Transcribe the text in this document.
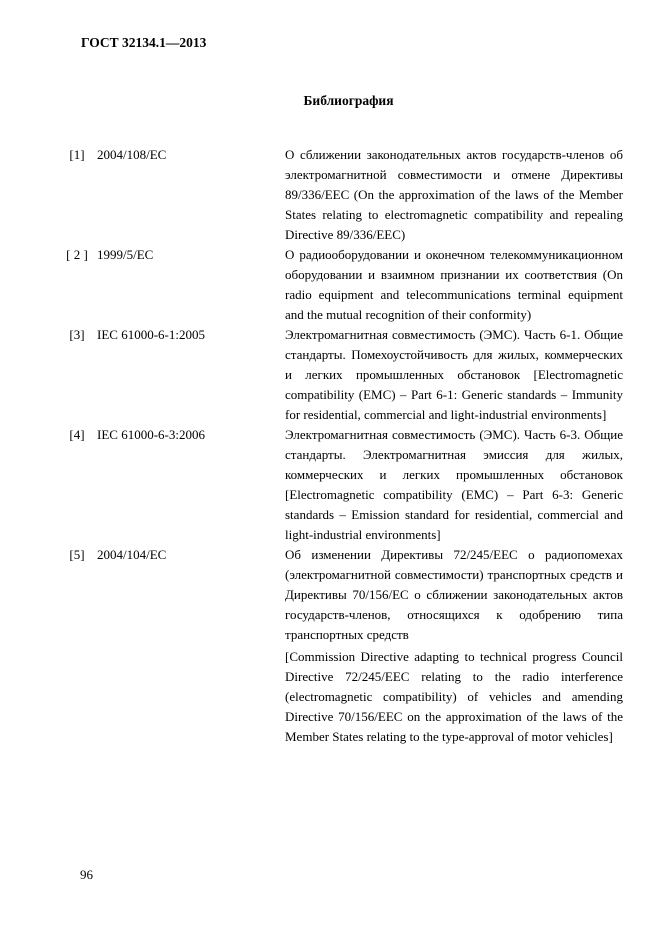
ГОСТ 32134.1—2013
Библиография
[1] 2004/108/EC	О сближении законодательных актов государств-членов об электромагнитной совместимости и отмене Директивы 89/336/EEC (On the approximation of the laws of the Member States relating to electromagnetic compatibility and repealing Directive 89/336/EEC)

[ 2 ] 1999/5/EC	О радиооборудовании и оконечном телекоммуникационном оборудовании и взаимном признании их соответствия (On radio equipment and telecommunications terminal equipment and the mutual recognition of their conformity)

[3] IEC 61000-6-1:2005	Электромагнитная совместимость (ЭМС). Часть 6-1. Общие стандарты. Помехоустойчивость для жилых, коммерческих и легких промышленных обстановок [Electromagnetic compatibility (EMC) – Part 6-1: Generic standards – Immunity for residential, commercial and light-industrial environments]

[4] IEC 61000-6-3:2006	Электромагнитная совместимость (ЭМС). Часть 6-3. Общие стандарты. Электромагнитная эмиссия для жилых, коммерческих и легких промышленных обстановок [Electromagnetic compatibility (EMC) – Part 6-3: Generic standards – Emission standard for residential, commercial and light-industrial environments]

[5] 2004/104/EC	Об изменении Директивы 72/245/EEC о радиопомехах (электромагнитной совместимости) транспортных средств и Директивы 70/156/EC о сближении законодательных актов государств-членов, относящихся к одобрению типа транспортных средств

[Commission Directive adapting to technical progress Council Directive 72/245/EEC relating to the radio interference (electromagnetic compatibility) of vehicles and amending Directive 70/156/EEC on the approximation of the laws of the Member States relating to the type-approval of motor vehicles]

96
